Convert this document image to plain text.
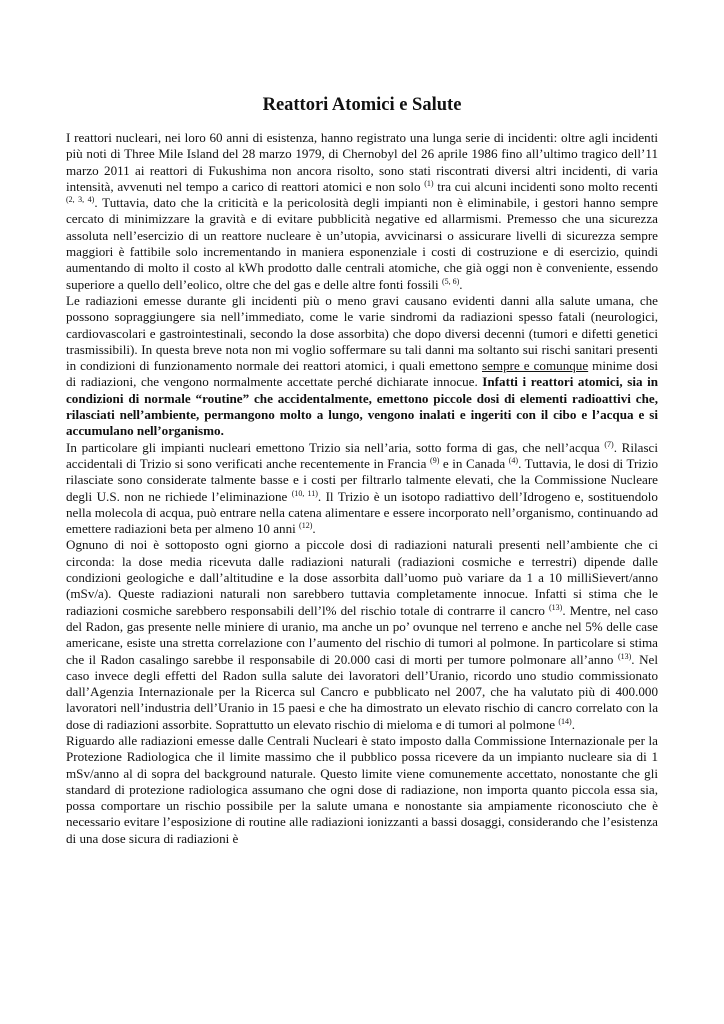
Reattori Atomici e Salute

I reattori nucleari, nei loro 60 anni di esistenza, hanno registrato una lunga serie di incidenti: oltre agli incidenti più noti di Three Mile Island del 28 marzo 1979, di Chernobyl del 26 aprile 1986 fino all’ultimo tragico dell’11 marzo 2011 ai reattori di Fukushima non ancora risolto, sono stati riscontrati diversi altri incidenti, di varia intensità, avvenuti nel tempo a carico di reattori atomici e non solo $^{(1)}$ tra cui alcuni incidenti sono molto recenti $^{(2, 3, 4)}$. Tuttavia, dato che la criticità e la pericolosità degli impianti non è eliminabile, i gestori hanno sempre cercato di minimizzare la gravità e di evitare pubblicità negative ed allarmismi. Premesso che una sicurezza assoluta nell’esercizio di un reattore nucleare è un’utopia, avvicinarsi o assicurare livelli di sicurezza sempre maggiori è fattibile solo incrementando in maniera esponenziale i costi di costruzione e di esercizio, quindi aumentando di molto il costo al kWh prodotto dalle centrali atomiche, che già oggi non è conveniente, essendo superiore a quello dell’eolico, oltre che del gas e delle altre fonti fossili $^{(5, 6)}$.

Le radiazioni emesse durante gli incidenti più o meno gravi causano evidenti danni alla salute umana, che possono sopraggiungere sia nell’immediato, come le varie sindromi da radiazioni spesso fatali (neurologici, cardiovascolari e gastrointestinali, secondo la dose assorbita) che dopo diversi decenni (tumori e difetti genetici trasmissibili). In questa breve nota non mi voglio soffermare su tali danni ma soltanto sui rischi sanitari presenti in condizioni di funzionamento normale dei reattori atomici, i quali emettono sempre e comunque minime dosi di radiazioni, che vengono normalmente accettate perché dichiarate innocue. Infatti i reattori atomici, sia in condizioni di normale “routine” che accidentalmente, emettono piccole dosi di elementi radioattivi che, rilasciati nell’ambiente, permangono molto a lungo, vengono inalati e ingeriti con il cibo e l’acqua e si accumulano nell’organismo.

In particolare gli impianti nucleari emettono Trizio sia nell’aria, sotto forma di gas, che nell’acqua $^{(7)}$. Rilasci accidentali di Trizio si sono verificati anche recentemente in Francia $^{(9)}$ e in Canada $^{(4)}$. Tuttavia, le dosi di Trizio rilasciate sono considerate talmente basse e i costi per filtrarlo talmente elevati, che la Commissione Nucleare degli U.S. non ne richiede l’eliminazione $^{(10, 11)}$. Il Trizio è un isotopo radiattivo dell’Idrogeno e, sostituendolo nella molecola di acqua, può entrare nella catena alimentare e essere incorporato nell’organismo, continuando ad emettere radiazioni beta per almeno 10 anni $^{(12)}$.

Ognuno di noi è sottoposto ogni giorno a piccole dosi di radiazioni naturali presenti nell’ambiente che ci circonda: la dose media ricevuta dalle radiazioni naturali (radiazioni cosmiche e terrestri) dipende dalle condizioni geologiche e dall’altitudine e la dose assorbita dall’uomo può variare da 1 a 10 milliSievert/anno (mSv/a). Queste radiazioni naturali non sarebbero tuttavia completamente innocue. Infatti si stima che le radiazioni cosmiche sarebbero responsabili dell’l% del rischio totale di contrarre il cancro $^{(13)}$. Mentre, nel caso del Radon, gas presente nelle miniere di uranio, ma anche un po’ ovunque nel terreno e anche nel 5% delle case americane, esiste una stretta correlazione con l’aumento del rischio di tumori al polmone. In particolare si stima che il Radon casalingo sarebbe il responsabile di 20.000 casi di morti per tumore polmonare all’anno $^{(13)}$. Nel caso invece degli effetti del Radon sulla salute dei lavoratori dell’Uranio, ricordo uno studio commissionato dall’Agenzia Internazionale per la Ricerca sul Cancro e pubblicato nel 2007, che ha valutato più di 400.000 lavoratori nell’industria dell’Uranio in 15 paesi e che ha dimostrato un elevato rischio di cancro correlato con la dose di radiazioni assorbite. Soprattutto un elevato rischio di mieloma e di tumori al polmone $^{(14)}$.

Riguardo alle radiazioni emesse dalle Centrali Nucleari è stato imposto dalla Commissione Internazionale per la Protezione Radiologica che il limite massimo che il pubblico possa ricevere da un impianto nucleare sia di 1 mSv/anno al di sopra del background naturale. Questo limite viene comunemente accettato, nonostante che gli standard di protezione radiologica assumano che ogni dose di radiazione, non importa quanto piccola essa sia, possa comportare un rischio possibile per la salute umana e nonostante sia ampiamente riconosciuto che è necessario evitare l’esposizione di routine alle radiazioni ionizzanti a bassi dosaggi, considerando che l’esistenza di una dose sicura di radiazioni è
